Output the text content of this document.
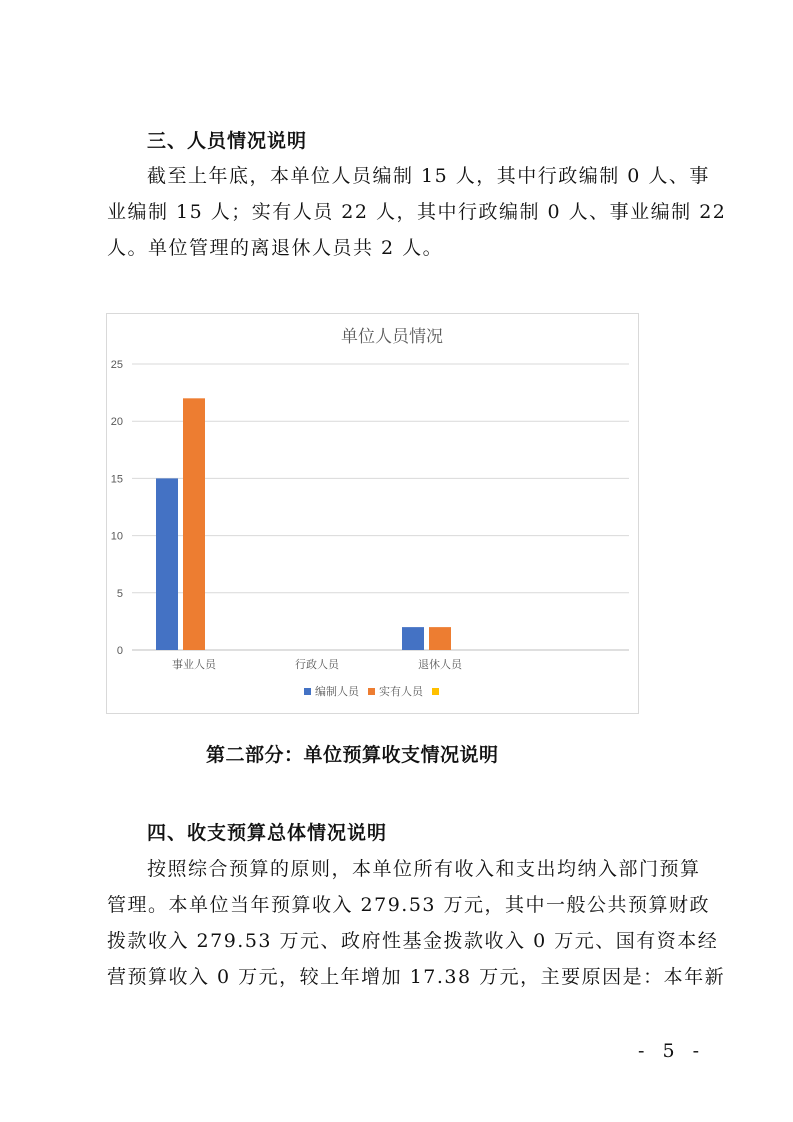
三、人员情况说明
截至上年底，本单位人员编制 15 人，其中行政编制 0 人、事
业编制 15 人；实有人员 22 人，其中行政编制 0 人、事业编制 22
人。单位管理的离退休人员共 2 人。
单位人员情况
0
5
10
15
20
25
事业人员	行政人员	退休人员
编制人员 实有人员
第二部分：单位预算收支情况说明
四、收支预算总体情况说明
按照综合预算的原则，本单位所有收入和支出均纳入部门预算
管理。本单位当年预算收入 279.53 万元，其中一般公共预算财政
拨款收入 279.53 万元、政府性基金拨款收入 0 万元、国有资本经
营预算收入 0 万元，较上年增加 17.38 万元，主要原因是：本年新
- 5 -
